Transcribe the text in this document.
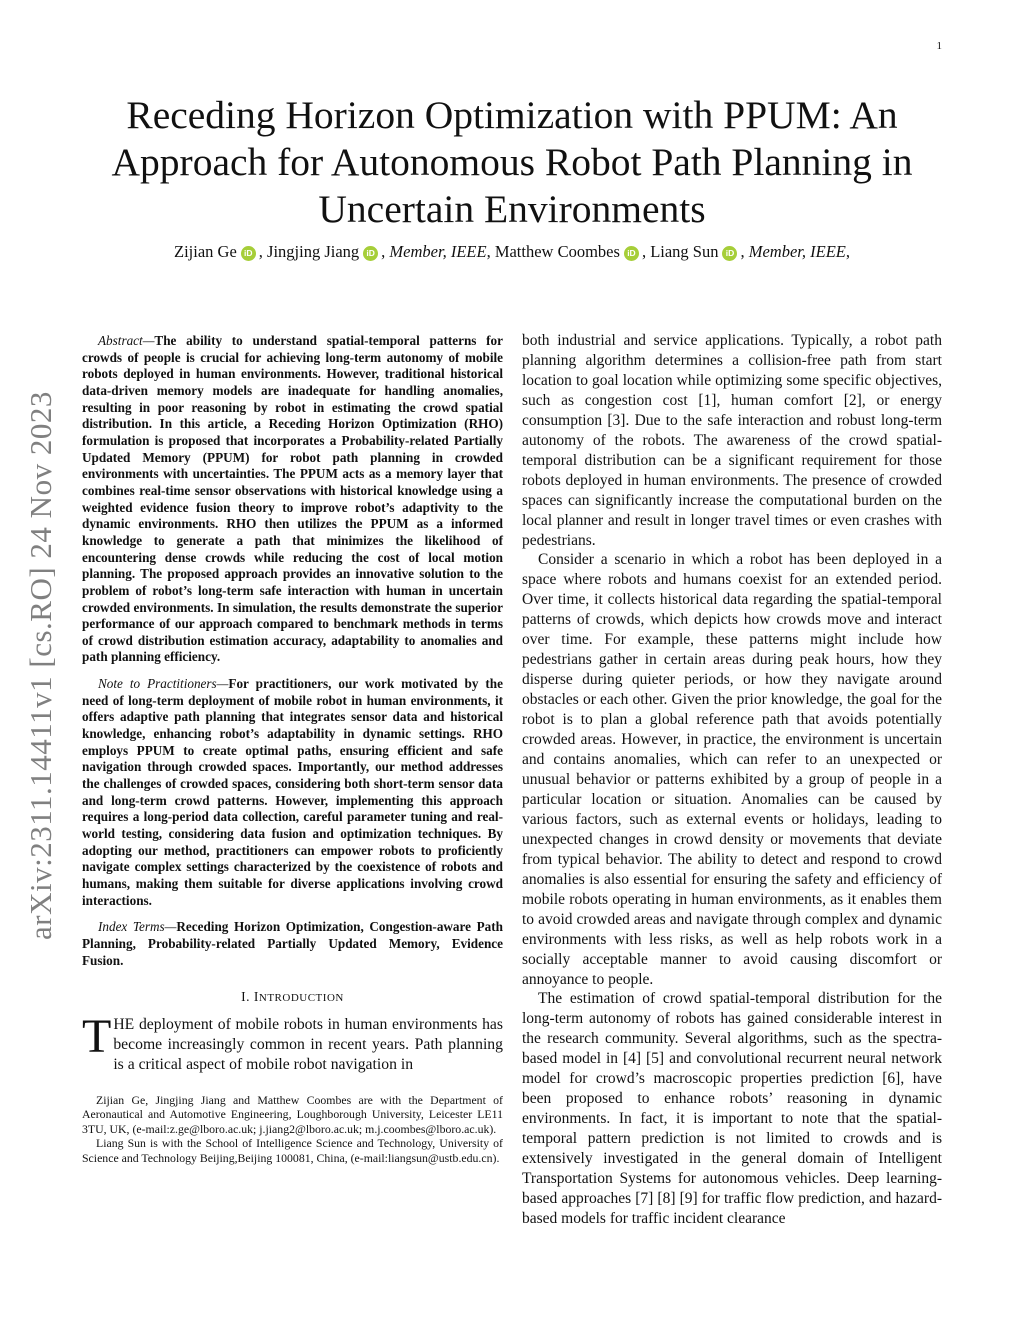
1
arXiv:2311.14411v1 [cs.RO] 24 Nov 2023
Receding Horizon Optimization with PPUM: An Approach for Autonomous Robot Path Planning in Uncertain Environments
Zijian Ge iD , Jingjing Jiang iD , Member, IEEE, Matthew Coombes iD , Liang Sun iD , Member, IEEE,

Abstract—The ability to understand spatial-temporal patterns for crowds of people is crucial for achieving long-term autonomy of mobile robots deployed in human environments. However, traditional historical data-driven memory models are inadequate for handling anomalies, resulting in poor reasoning by robot in estimating the crowd spatial distribution. In this article, a Receding Horizon Optimization (RHO) formulation is proposed that incorporates a Probability-related Partially Updated Memory (PPUM) for robot path planning in crowded environments with uncertainties. The PPUM acts as a memory layer that combines real-time sensor observations with historical knowledge using a weighted evidence fusion theory to improve robot’s adaptivity to the dynamic environments. RHO then utilizes the PPUM as a informed knowledge to generate a path that minimizes the likelihood of encountering dense crowds while reducing the cost of local motion planning. The proposed approach provides an innovative solution to the problem of robot’s long-term safe interaction with human in uncertain crowded environments. In simulation, the results demonstrate the superior performance of our approach compared to benchmark methods in terms of crowd distribution estimation accuracy, adaptability to anomalies and path planning efficiency.

Note to Practitioners—For practitioners, our work motivated by the need of long-term deployment of mobile robot in human environments, it offers adaptive path planning that integrates sensor data and historical knowledge, enhancing robot’s adaptability in dynamic settings. RHO employs PPUM to create optimal paths, ensuring efficient and safe navigation through crowded spaces. Importantly, our method addresses the challenges of crowded spaces, considering both short-term sensor data and long-term crowd patterns. However, implementing this approach requires a long-period data collection, careful parameter tuning and real-world testing, considering data fusion and optimization techniques. By adopting our method, practitioners can empower robots to proficiently navigate complex settings characterized by the coexistence of robots and humans, making them suitable for diverse applications involving crowd interactions.

Index Terms—Receding Horizon Optimization, Congestion-aware Path Planning, Probability-related Partially Updated Memory, Evidence Fusion.

I. INTRODUCTION

THE deployment of mobile robots in human environments has become increasingly common in recent years. Path planning is a critical aspect of mobile robot navigation in

Zijian Ge, Jingjing Jiang and Matthew Coombes are with the Department of Aeronautical and Automotive Engineering, Loughborough University, Leicester LE11 3TU, UK, (e-mail:z.ge@lboro.ac.uk; j.jiang2@lboro.ac.uk; m.j.coombes@lboro.ac.uk).

Liang Sun is with the School of Intelligence Science and Technology, University of Science and Technology Beijing,Beijing 100081, China, (e-mail:liangsun@ustb.edu.cn).

both industrial and service applications. Typically, a robot path planning algorithm determines a collision-free path from start location to goal location while optimizing some specific objectives, such as congestion cost [1], human comfort [2], or energy consumption [3]. Due to the safe interaction and robust long-term autonomy of the robots. The awareness of the crowd spatial-temporal distribution can be a significant requirement for those robots deployed in human environments. The presence of crowded spaces can significantly increase the computational burden on the local planner and result in longer travel times or even crashes with pedestrians.

Consider a scenario in which a robot has been deployed in a space where robots and humans coexist for an extended period. Over time, it collects historical data regarding the spatial-temporal patterns of crowds, which depicts how crowds move and interact over time. For example, these patterns might include how pedestrians gather in certain areas during peak hours, how they disperse during quieter periods, or how they navigate around obstacles or each other. Given the prior knowledge, the goal for the robot is to plan a global reference path that avoids potentially crowded areas. However, in practice, the environment is uncertain and contains anomalies, which can refer to an unexpected or unusual behavior or patterns exhibited by a group of people in a particular location or situation. Anomalies can be caused by various factors, such as external events or holidays, leading to unexpected changes in crowd density or movements that deviate from typical behavior. The ability to detect and respond to crowd anomalies is also essential for ensuring the safety and efficiency of mobile robots operating in human environments, as it enables them to avoid crowded areas and navigate through complex and dynamic environments with less risks, as well as help robots work in a socially acceptable manner to avoid causing discomfort or annoyance to people.

The estimation of crowd spatial-temporal distribution for the long-term autonomy of robots has gained considerable interest in the research community. Several algorithms, such as the spectra-based model in [4] [5] and convolutional recurrent neural network model for crowd’s macroscopic properties prediction [6], have been proposed to enhance robots’ reasoning in dynamic environments. In fact, it is important to note that the spatial-temporal pattern prediction is not limited to crowds and is extensively investigated in the general domain of Intelligent Transportation Systems for autonomous vehicles. Deep learning-based approaches [7] [8] [9] for traffic flow prediction, and hazard-based models for traffic incident clearance
